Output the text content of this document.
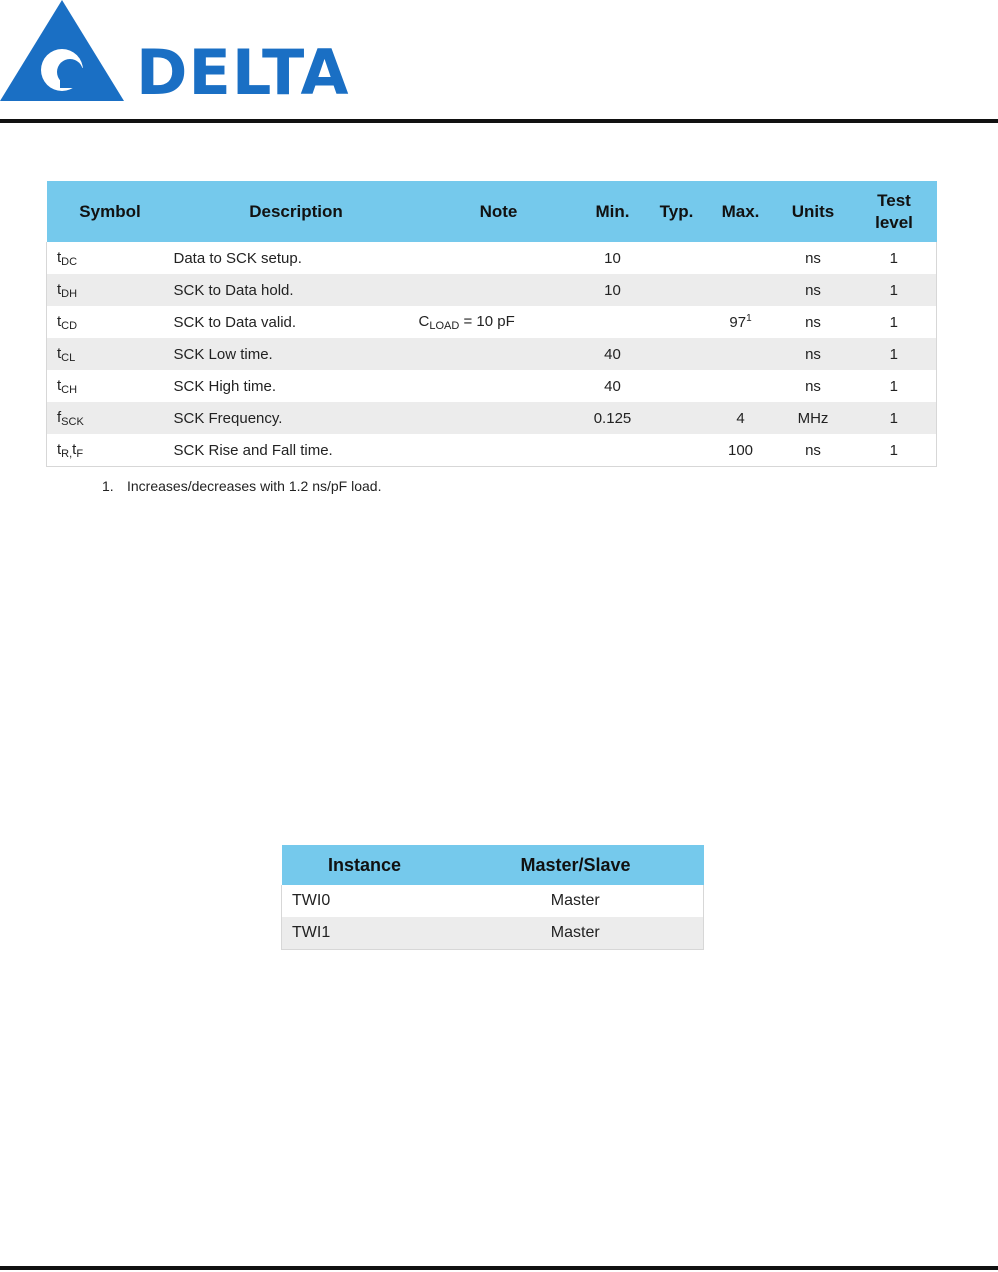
DELTA
Symbol	Description	Note	Min.	Typ.	Max.	Units	Test
level
$t_{DC}$	Data to SCK setup.		10			ns	1
$t_{DH}$	SCK to Data hold.		10			ns	1
$t_{CD}$	SCK to Data valid.	$C_{LOAD} = 10$ pF			$97^1$	ns	1
$t_{CL}$	SCK Low time.		40			ns	1
$t_{CH}$	SCK High time.		40			ns	1
$f_{SCK}$	SCK Frequency.		0.125		4	MHz	1
$t_{R,}t_F$	SCK Rise and Fall time.				100	ns	1
1. Increases/decreases with 1.2 ns/pF load.
Instance	Master/Slave
TWI0	Master
TWI1	Master
